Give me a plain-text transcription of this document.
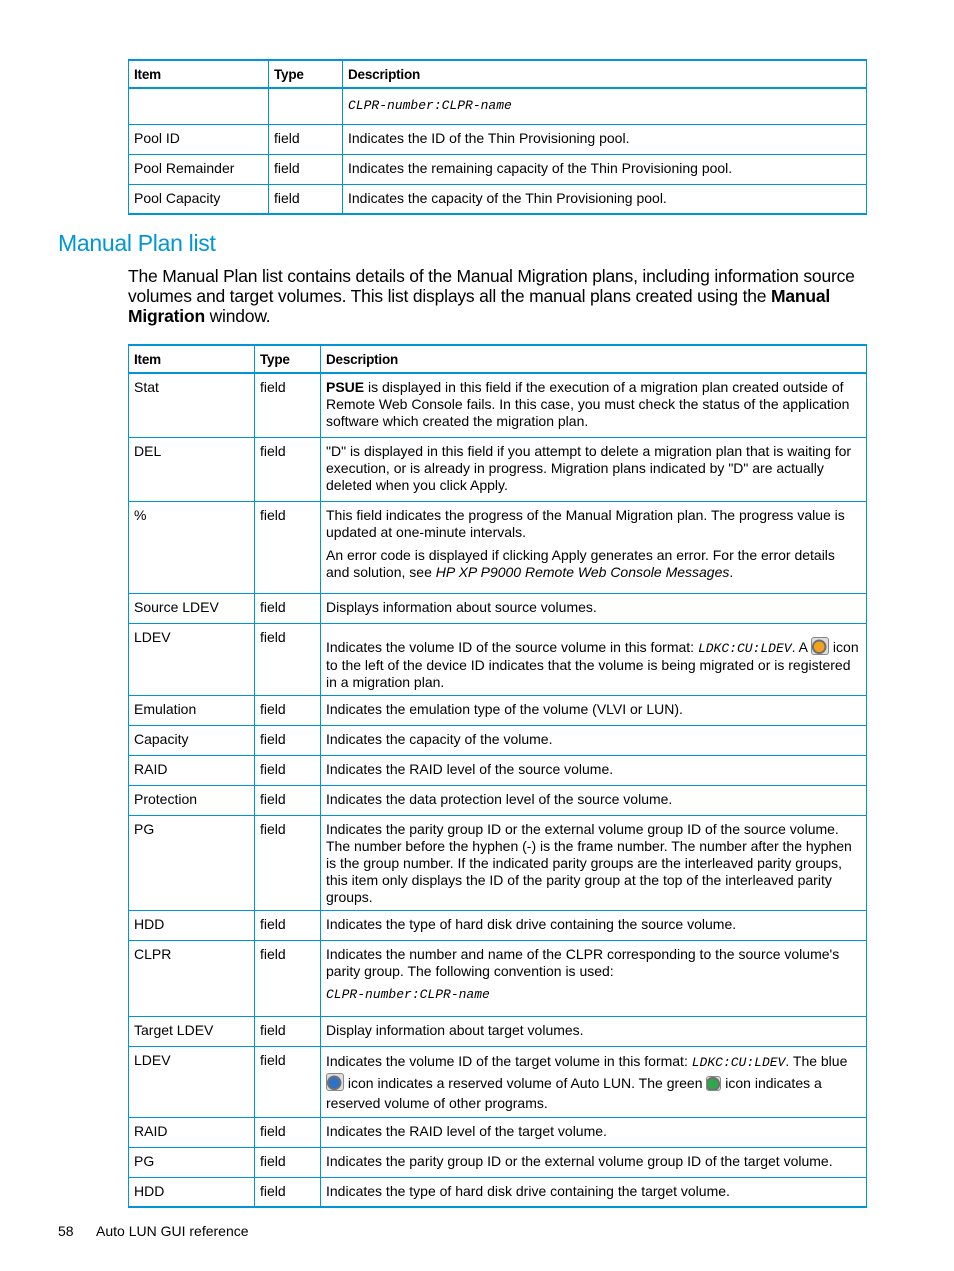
Item	Type	Description
		CLPR-number:CLPR-name
Pool ID	field	Indicates the ID of the Thin Provisioning pool.
Pool Remainder	field	Indicates the remaining capacity of the Thin Provisioning pool.
Pool Capacity	field	Indicates the capacity of the Thin Provisioning pool.
Manual Plan list

The Manual Plan list contains details of the Manual Migration plans, including information source volumes and target volumes. This list displays all the manual plans created using the Manual Migration window.

Item	Type	Description
Stat	field	PSUE is displayed in this field if the execution of a migration plan created outside of Remote Web Console fails. In this case, you must check the status of the application software which created the migration plan.
DEL	field	"D" is displayed in this field if you attempt to delete a migration plan that is waiting for execution, or is already in progress. Migration plans indicated by "D" are actually deleted when you click Apply.
%	field	This field indicates the progress of the Manual Migration plan. The progress value is updated at one-minute intervals.
An error code is displayed if clicking Apply generates an error. For the error details and solution, see HP XP P9000 Remote Web Console Messages.

Source LDEV	field	Displays information about source volumes.
LDEV	field	Indicates the volume ID of the source volume in this format: LDKC:CU:LDEV. A  icon to the left of the device ID indicates that the volume is being migrated or is registered in a migration plan.
Emulation	field	Indicates the emulation type of the volume (VLVI or LUN).
Capacity	field	Indicates the capacity of the volume.
RAID	field	Indicates the RAID level of the source volume.
Protection	field	Indicates the data protection level of the source volume.
PG	field	Indicates the parity group ID or the external volume group ID of the source volume. The number before the hyphen (-) is the frame number. The number after the hyphen is the group number. If the indicated parity groups are the interleaved parity groups, this item only displays the ID of the parity group at the top of the interleaved parity groups.
HDD	field	Indicates the type of hard disk drive containing the source volume.
CLPR	field	Indicates the number and name of the CLPR corresponding to the source volume's parity group. The following convention is used:
CLPR-number:CLPR-name

Target LDEV	field	Display information about target volumes.
LDEV	field	Indicates the volume ID of the target volume in this format: LDKC:CU:LDEV. The blue  icon indicates a reserved volume of Auto LUN. The green  icon indicates a reserved volume of other programs.
RAID	field	Indicates the RAID level of the target volume.
PG	field	Indicates the parity group ID or the external volume group ID of the target volume.
HDD	field	Indicates the type of hard disk drive containing the target volume.
58 Auto LUN GUI reference
